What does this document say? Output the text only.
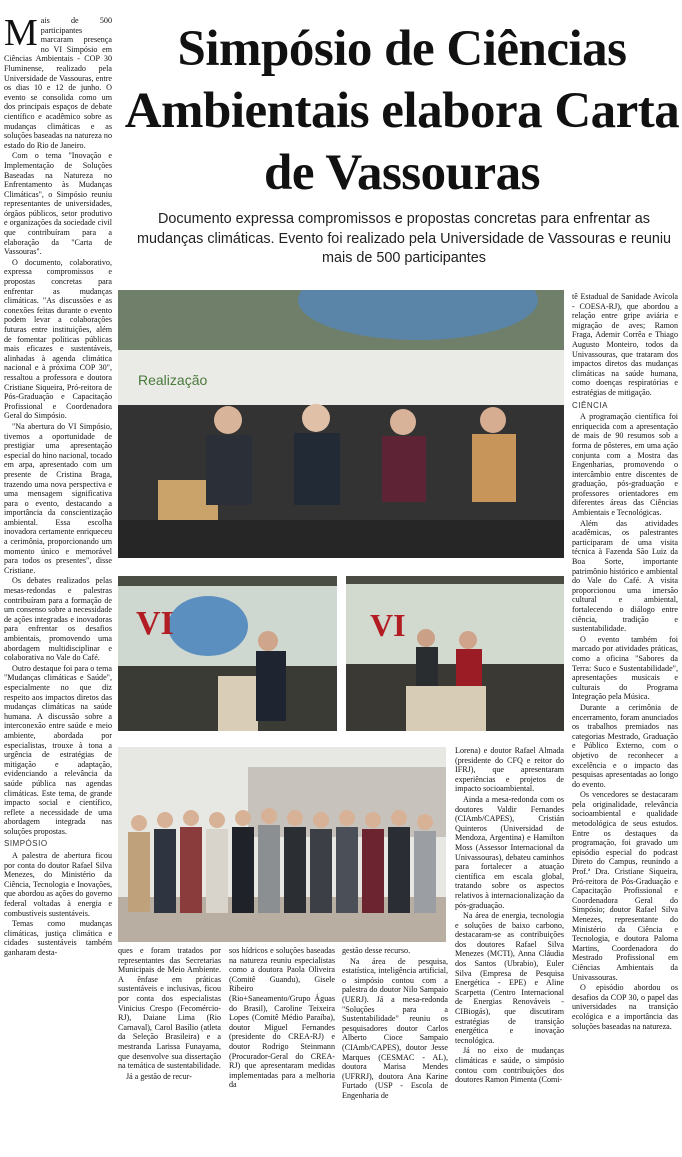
Simpósio de Ciências Ambientais elabora Carta de Vassouras
Documento expressa compromissos e propostas concretas para enfrentar as mudanças climáticas. Evento foi realizado pela Universidade de Vassouras e reuniu mais de 500 participantes

Mais de 500 participantes marcaram presença no VI Simpósio em Ciências Ambientais - COP 30 Fluminense, realizado pela Universidade de Vassouras, entre os dias 10 e 12 de junho. O evento se consolida como um dos principais espaços de debate científico e acadêmico sobre as mudanças climáticas e as soluções baseadas na natureza no estado do Rio de Janeiro.

Com o tema "Inovação e Implementação de Soluções Baseadas na Natureza no Enfrentamento às Mudanças Climáticas", o Simpósio reuniu representantes de universidades, órgãos públicos, setor produtivo e organizações da sociedade civil que contribuíram para a elaboração da "Carta de Vassouras".

O documento, colaborativo, expressa compromissos e propostas concretas para enfrentar as mudanças climáticas. "As discussões e as conexões feitas durante o evento podem levar a colaborações futuras entre instituições, além de fomentar políticas públicas mais eficazes e sustentáveis, alinhadas à agenda climática nacional e à próxima COP 30", ressaltou a professora e doutora Cristiane Siqueira, Pró-reitora de Pós-Graduação e Capacitação Profissional e Coordenadora Geral do Simpósio.

"Na abertura do VI Simpósio, tivemos a oportunidade de prestigiar uma apresentação especial do hino nacional, tocado em arpa, apresentado com um presente de Cristina Braga, trazendo uma nova perspectiva e uma mensagem significativa para o evento, destacando a importância da conscientização ambiental. Essa escolha inovadora certamente enriqueceu a cerimônia, proporcionando um momento único e memorável para todos os presentes", disse Cristiane.

Os debates realizados pelas mesas-redondas e palestras contribuíram para a formação de um consenso sobre a necessidade de ações integradas e inovadoras para enfrentar os desafios ambientais, promovendo uma abordagem multidisciplinar e colaborativa no Vale do Café.

Outro destaque foi para o tema "Mudanças climáticas e Saúde", especialmente no que diz respeito aos impactos diretos das mudanças climáticas na saúde humana. A discussão sobre a interconexão entre saúde e meio ambiente, abordada por especialistas, trouxe à tona a urgência de estratégias de mitigação e adaptação, evidenciando a relevância da saúde pública nas agendas climáticas. Este tema, de grande impacto social e científico, reflete a necessidade de uma abordagem integrada nas soluções propostas.

SIMPÓSIO

A palestra de abertura ficou por conta do doutor Rafael Silva Menezes, do Ministério da Ciência, Tecnologia e Inovações, que abordou as ações do governo federal voltadas à energia e combustíveis sustentáveis.

Temas como mudanças climáticas, justiça climática e cidades sustentáveis também ganharam desta-

Realização
VI	VI

ques e foram tratados por representantes das Secretarias Municipais de Meio Ambiente. A ênfase em práticas sustentáveis e inclusivas, ficou por conta dos especialistas Vinicius Crespo (Fecomércio-RJ), Daiane Lima (Rio Carnaval), Carol Basílio (atleta da Seleção Brasileira) e a mestranda Larissa Funayama, que desenvolve sua dissertação na temática de sustentabilidade.

Já a gestão de recur-

sos hídricos e soluções baseadas na natureza reuniu especialistas como a doutora Paola Oliveira (Comitê Guandu), Gisele Ribeiro (Rio+Saneamento/Grupo Águas do Brasil), Caroline Teixeira Lopes (Comitê Médio Paraíba), doutor Miguel Fernandes (presidente do CREA-RJ) e doutor Rodrigo Steinmann (Procurador-Geral do CREA-RJ) que apresentaram medidas implementadas para a melhoria da

Lorena) e doutor Rafael Almada (presidente do CFQ e reitor do IFRJ), que apresentaram experiências e projetos de impacto socioambiental.

Ainda a mesa-redonda com os doutores Valdir Fernandes (CIAmb/CAPES), Cristián Quinteros (Universidad de Mendoza, Argentina) e Hamilton Moss (Assessor Internacional da Univassouras), debateu caminhos para fortalecer a atuação científica em escala global, tratando sobre os aspectos relativos à internacionalização da pós-graduação.

Na área de energia, tecnologia e soluções de baixo carbono, destacaram-se as contribuições dos doutores Rafael Silva Menezes (MCTI), Anna Cláudia dos Santos (Ubrabio), Euler Silva (Empresa de Pesquisa Energética - EPE) e Aline Scarpetta (Centro Internacional de Energias Renováveis - CIBiogás), que discutiram estratégias de transição energética e inovação tecnológica.

Já no eixo de mudanças climáticas e saúde, o simpósio contou com contribuições dos doutores Ramon Pimenta (Comi-

gestão desse recurso.

Na área de pesquisa, estatística, inteligência artificial, o simpósio contou com a palestra do doutor Nilo Sampaio (UERJ). Já a mesa-redonda "Soluções para a Sustentabilidade" reuniu os pesquisadores doutor Carlos Alberto Cioce Sampaio (CIAmb/CAPES), doutor Jesse Marques (CESMAC - AL), doutora Marisa Mendes (UFRRJ), doutora Ana Karine Furtado (USP - Escola de Engenharia de

tê Estadual de Sanidade Avícola - COESA-RJ), que abordou a relação entre gripe aviária e migração de aves; Ramon Fraga, Ademir Corrêa e Thiago Augusto Monteiro, todos da Univassouras, que trataram dos impactos diretos das mudanças climáticas na saúde humana, como doenças respiratórias e estratégias de mitigação.

CIÊNCIA

A programação científica foi enriquecida com a apresentação de mais de 90 resumos sob a forma de pôsteres, em uma ação conjunta com a Mostra das Engenharias, promovendo o intercâmbio entre discentes de graduação, pós-graduação e professores orientadores em diferentes áreas das Ciências Ambientais e Tecnológicas.

Além das atividades acadêmicas, os palestrantes participaram de uma visita técnica à Fazenda São Luiz da Boa Sorte, importante patrimônio histórico e ambiental do Vale do Café. A visita proporcionou uma imersão cultural e ambiental, fortalecendo o diálogo entre ciência, tradição e sustentabilidade.

O evento também foi marcado por atividades práticas, como a oficina "Sabores da Terra: Suco e Sustentabilidade", apresentações musicais e culturais do Programa Integração pela Música.

Durante a cerimônia de encerramento, foram anunciados os trabalhos premiados nas categorias Mestrado, Graduação e Público Externo, com o objetivo de reconhecer a excelência e o impacto das pesquisas apresentadas ao longo do evento.

Os vencedores se destacaram pela originalidade, relevância socioambiental e qualidade metodológica de seus estudos. Entre os destaques da programação, foi gravado um episódio especial do podcast Direto do Campus, reunindo a Prof.ª Dra. Cristiane Siqueira, Pró-reitora de Pós-Graduação e Capacitação Profissional e Coordenadora Geral do Simpósio; doutor Rafael Silva Menezes, representante do Ministério da Ciência e Tecnologia, e doutora Paloma Martins, Coordenadora do Mestrado Profissional em Ciências Ambientais da Univassouras.

O episódio abordou os desafios da COP 30, o papel das universidades na transição ecológica e a importância das soluções baseadas na natureza.
